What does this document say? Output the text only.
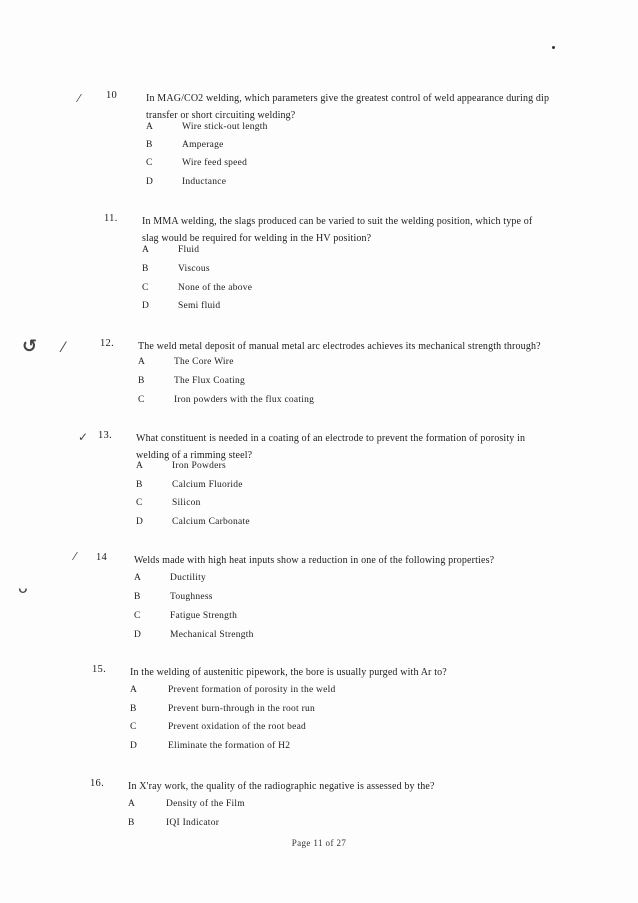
⁄
⁄
✓
⁄
↺
ᴗ
10	In MAG/CO2 welding, which parameters give the greatest control of weld appearance during dip transfer or short circuiting welding?
A	Wire stick-out length
B	Amperage
C	Wire feed speed
D	Inductance
11. In MMA welding, the slags produced can be varied to suit the welding position, which type of slag would be required for welding in the HV position?
A	Fluid
B	Viscous
C	None of the above
D	Semi fluid
12. The weld metal deposit of manual metal arc electrodes achieves its mechanical strength through?
A	The Core Wire
B	The Flux Coating
C	Iron powders with the flux coating
13. What constituent is needed in a coating of an electrode to prevent the formation of porosity in welding of a rimming steel?
A	Iron Powders
B	Calcium Fluoride
C	Silicon
D	Calcium Carbonate
14	Welds made with high heat inputs show a reduction in one of the following properties?
A	Ductility
B	Toughness
C	Fatigue Strength
D	Mechanical Strength
15. In the welding of austenitic pipework, the bore is usually purged with Ar to?
A	Prevent formation of porosity in the weld
B	Prevent burn-through in the root run
C	Prevent oxidation of the root bead
D	Eliminate the formation of H2
16. In X'ray work, the quality of the radiographic negative is assessed by the?
A	Density of the Film
B	IQI Indicator
Page 11 of 27
